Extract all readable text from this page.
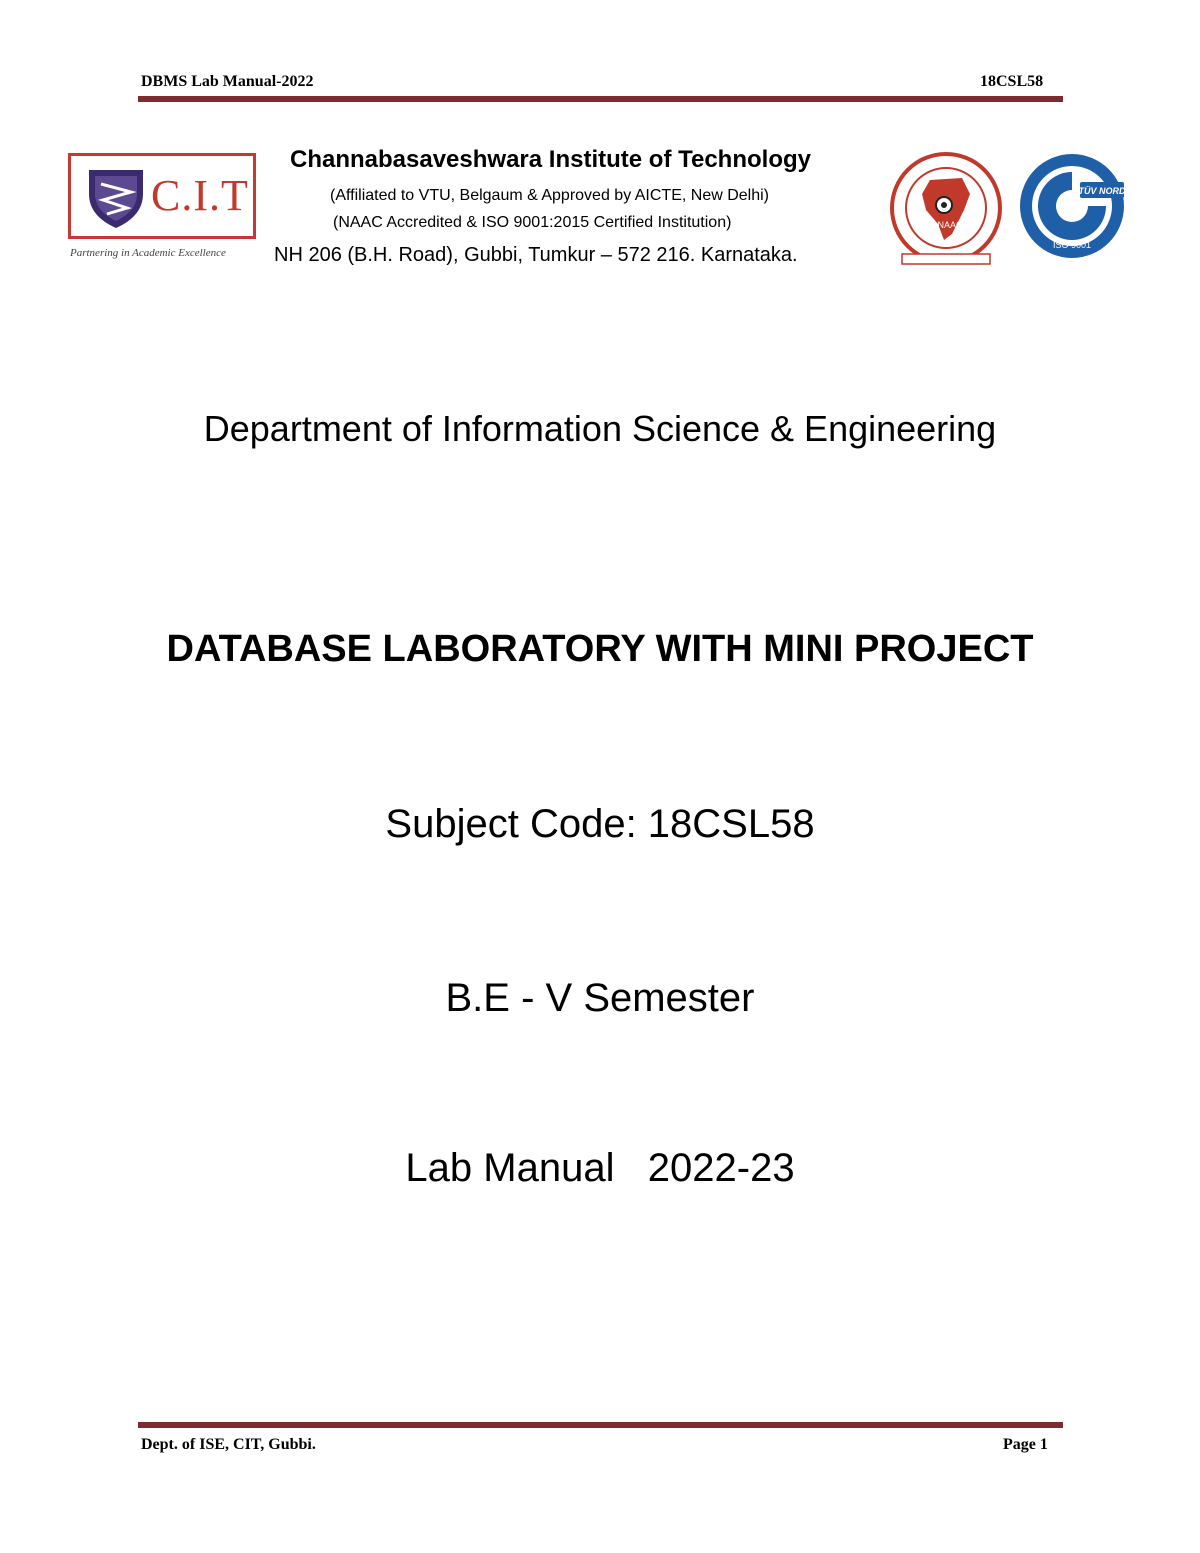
DBMS Lab Manual-2022	18CSL58
C.I.T
Partnering in Academic Excellence
Channabasaveshwara Institute of Technology
(Affiliated to VTU, Belgaum & Approved by AICTE, New Delhi)
(NAAC Accredited & ISO 9001:2015 Certified Institution)
NH 206 (B.H. Road), Gubbi, Tumkur – 572 216. Karnataka.
NAAC
TÜV NORD
ISO 9001
Department of Information Science & Engineering
DATABASE LABORATORY WITH MINI PROJECT
Subject Code: 18CSL58
B.E - V Semester
Lab Manual   2022-23
Dept. of ISE, CIT, Gubbi.	Page 1
